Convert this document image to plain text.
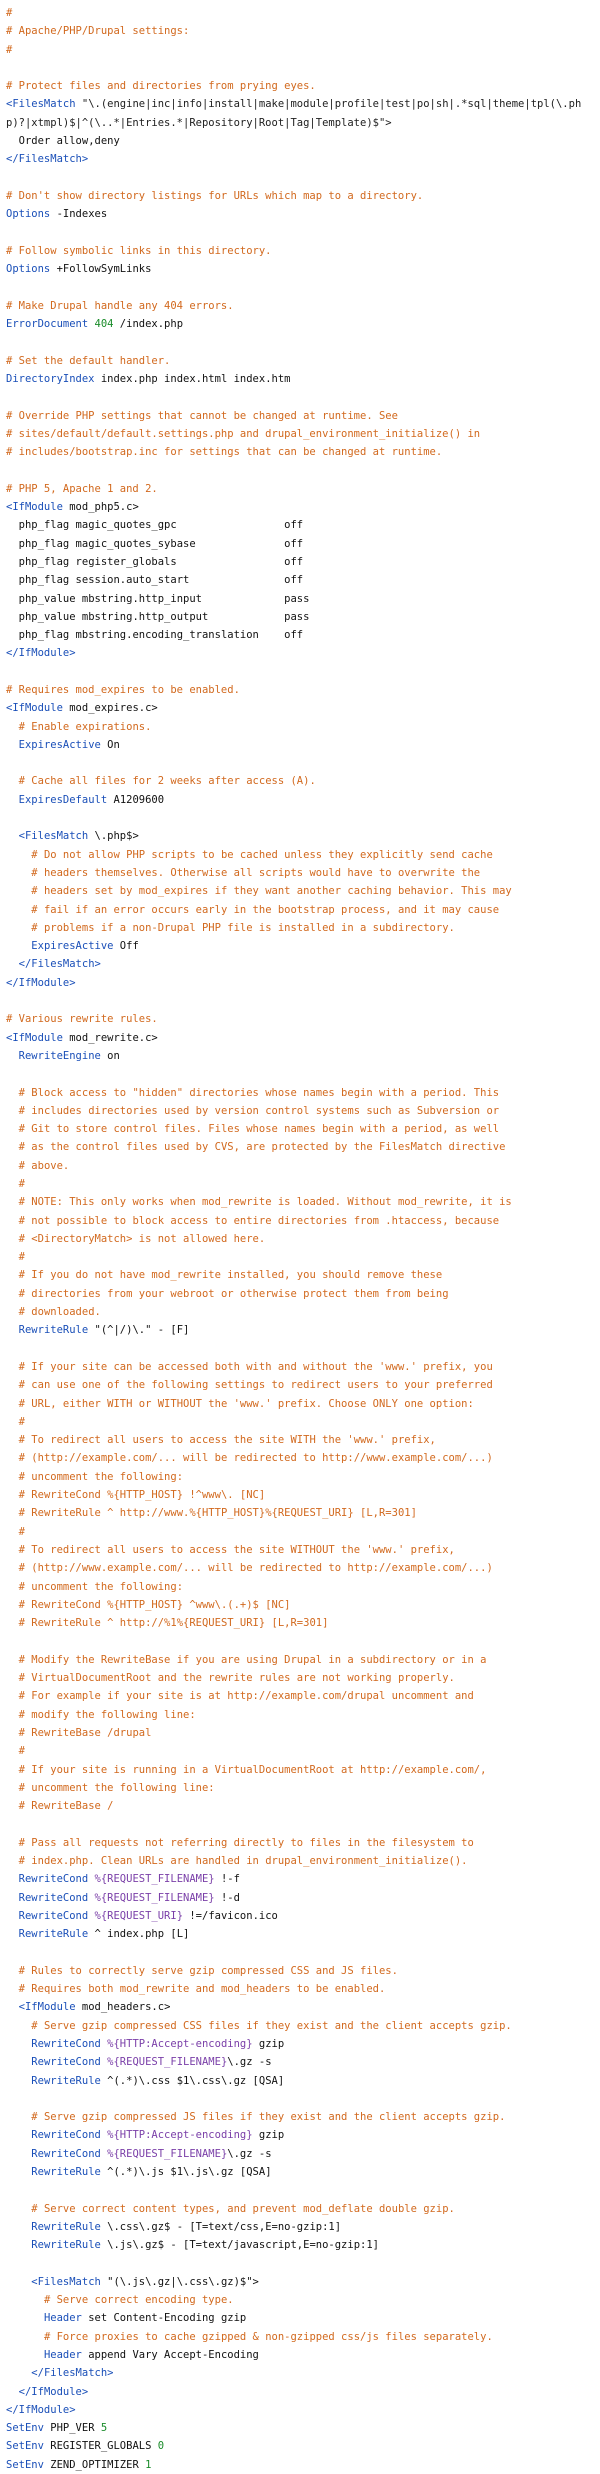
#
# Apache/PHP/Drupal settings:
#
# Protect files and directories from prying eyes.
<FilesMatch "\.(engine|inc|info|install|make|module|profile|test|po|sh|.*sql|theme|tpl(\.php)?|xtmpl)$|^(\..*|Entries.*|Repository|Root|Tag|Template)$">
Order allow,deny
</FilesMatch>
# Don't show directory listings for URLs which map to a directory.
Options -Indexes
# Follow symbolic links in this directory.
Options +FollowSymLinks
# Make Drupal handle any 404 errors.
ErrorDocument 404 /index.php
# Set the default handler.
DirectoryIndex index.php index.html index.htm
# Override PHP settings that cannot be changed at runtime. See
# sites/default/default.settings.php and drupal_environment_initialize() in
# includes/bootstrap.inc for settings that can be changed at runtime.
# PHP 5, Apache 1 and 2.
<IfModule mod_php5.c>
php_flag magic_quotes_gpc                 off
php_flag magic_quotes_sybase              off
php_flag register_globals                 off
php_flag session.auto_start               off
php_value mbstring.http_input             pass
php_value mbstring.http_output            pass
php_flag mbstring.encoding_translation    off
</IfModule>
# Requires mod_expires to be enabled.
<IfModule mod_expires.c>
# Enable expirations.
ExpiresActive On
# Cache all files for 2 weeks after access (A).
ExpiresDefault A1209600
<FilesMatch \.php$>
# Do not allow PHP scripts to be cached unless they explicitly send cache
# headers themselves. Otherwise all scripts would have to overwrite the
# headers set by mod_expires if they want another caching behavior. This may
# fail if an error occurs early in the bootstrap process, and it may cause
# problems if a non-Drupal PHP file is installed in a subdirectory.
ExpiresActive Off
</FilesMatch>
</IfModule>
# Various rewrite rules.
<IfModule mod_rewrite.c>
RewriteEngine on
# Block access to "hidden" directories whose names begin with a period. This
# includes directories used by version control systems such as Subversion or
# Git to store control files. Files whose names begin with a period, as well
# as the control files used by CVS, are protected by the FilesMatch directive
# above.
#
# NOTE: This only works when mod_rewrite is loaded. Without mod_rewrite, it is
# not possible to block access to entire directories from .htaccess, because
# <DirectoryMatch> is not allowed here.
#
# If you do not have mod_rewrite installed, you should remove these
# directories from your webroot or otherwise protect them from being
# downloaded.
RewriteRule "(^|/)\." - [F]
# If your site can be accessed both with and without the 'www.' prefix, you
# can use one of the following settings to redirect users to your preferred
# URL, either WITH or WITHOUT the 'www.' prefix. Choose ONLY one option:
#
# To redirect all users to access the site WITH the 'www.' prefix,
# (http://example.com/... will be redirected to http://www.example.com/...)
# uncomment the following:
# RewriteCond %{HTTP_HOST} !^www\. [NC]
# RewriteRule ^ http://www.%{HTTP_HOST}%{REQUEST_URI} [L,R=301]
#
# To redirect all users to access the site WITHOUT the 'www.' prefix,
# (http://www.example.com/... will be redirected to http://example.com/...)
# uncomment the following:
# RewriteCond %{HTTP_HOST} ^www\.(.+)$ [NC]
# RewriteRule ^ http://%1%{REQUEST_URI} [L,R=301]
# Modify the RewriteBase if you are using Drupal in a subdirectory or in a
# VirtualDocumentRoot and the rewrite rules are not working properly.
# For example if your site is at http://example.com/drupal uncomment and
# modify the following line:
# RewriteBase /drupal
#
# If your site is running in a VirtualDocumentRoot at http://example.com/,
# uncomment the following line:
# RewriteBase /
# Pass all requests not referring directly to files in the filesystem to
# index.php. Clean URLs are handled in drupal_environment_initialize().
RewriteCond %{REQUEST_FILENAME} !-f
RewriteCond %{REQUEST_FILENAME} !-d
RewriteCond %{REQUEST_URI} !=/favicon.ico
RewriteRule ^ index.php [L]
# Rules to correctly serve gzip compressed CSS and JS files.
# Requires both mod_rewrite and mod_headers to be enabled.
<IfModule mod_headers.c>
# Serve gzip compressed CSS files if they exist and the client accepts gzip.
RewriteCond %{HTTP:Accept-encoding} gzip
RewriteCond %{REQUEST_FILENAME}\.gz -s
RewriteRule ^(.*)\.css $1\.css\.gz [QSA]
# Serve gzip compressed JS files if they exist and the client accepts gzip.
RewriteCond %{HTTP:Accept-encoding} gzip
RewriteCond %{REQUEST_FILENAME}\.gz -s
RewriteRule ^(.*)\.js $1\.js\.gz [QSA]
# Serve correct content types, and prevent mod_deflate double gzip.
RewriteRule \.css\.gz$ - [T=text/css,E=no-gzip:1]
RewriteRule \.js\.gz$ - [T=text/javascript,E=no-gzip:1]
<FilesMatch "(\.js\.gz|\.css\.gz)$">
# Serve correct encoding type.
Header set Content-Encoding gzip
# Force proxies to cache gzipped & non-gzipped css/js files separately.
Header append Vary Accept-Encoding
</FilesMatch>
</IfModule>
</IfModule>
SetEnv PHP_VER 5
SetEnv REGISTER_GLOBALS 0
SetEnv ZEND_OPTIMIZER 1
